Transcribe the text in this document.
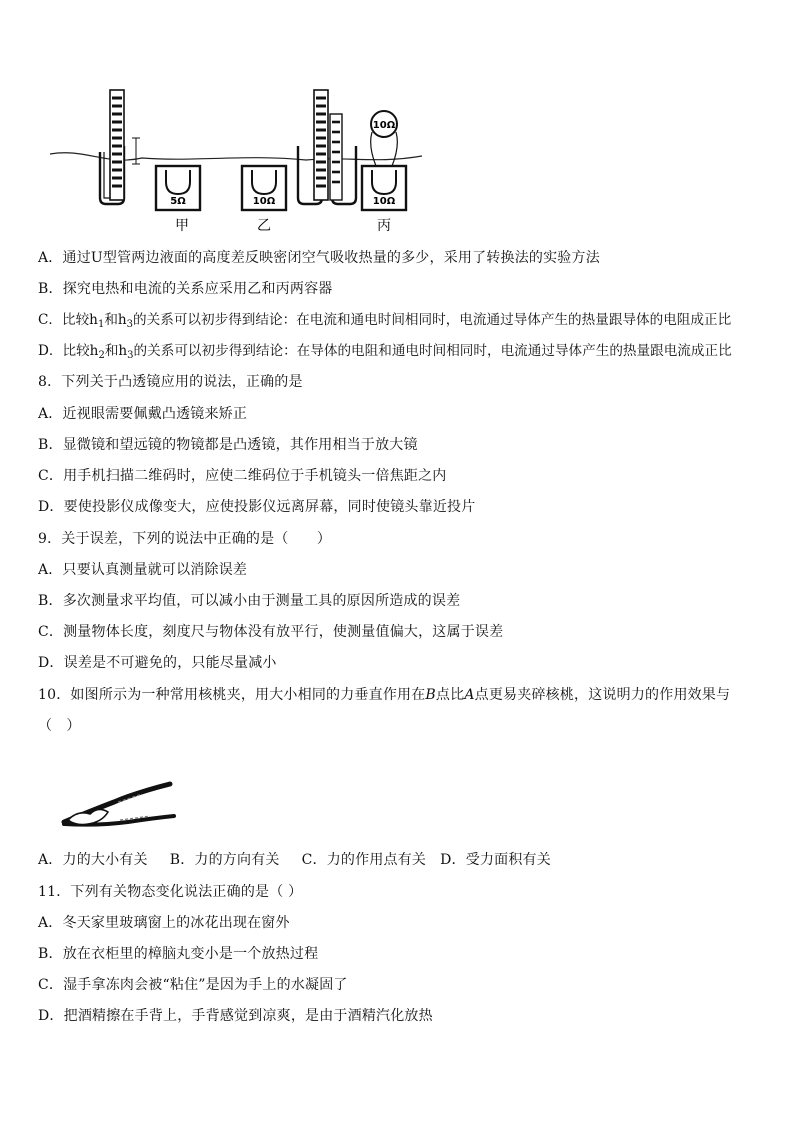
5Ω	10Ω	10Ω
10Ω
甲	乙	丙
A．通过U型管两边液面的高度差反映密闭空气吸收热量的多少，采用了转换法的实验方法
B．探究电热和电流的关系应采用乙和丙两容器
C．比较$h_1$和$h_3$的关系可以初步得到结论：在电流和通电时间相同时，电流通过导体产生的热量跟导体的电阻成正比
D．比较$h_2$和$h_3$的关系可以初步得到结论：在导体的电阻和通电时间相同时，电流通过导体产生的热量跟电流成正比
8．下列关于凸透镜应用的说法，正确的是
A．近视眼需要佩戴凸透镜来矫正
B．显微镜和望远镜的物镜都是凸透镜，其作用相当于放大镜
C．用手机扫描二维码时，应使二维码位于手机镜头一倍焦距之内
D．要使投影仪成像变大，应使投影仪远离屏幕，同时使镜头靠近投片
9．关于误差，下列的说法中正确的是（　　）
A．只要认真测量就可以消除误差
B．多次测量求平均值，可以减小由于测量工具的原因所造成的误差
C．测量物体长度，刻度尺与物体没有放平行，使测量值偏大，这属于误差
D．误差是不可避免的，只能尽量减小
10．如图所示为一种常用核桃夹，用大小相同的力垂直作用在B点比A点更易夹碎核桃，这说明力的作用效果与
（　）
A．力的大小有关 B．力的方向有关 C．力的作用点有关 D．受力面积有关
11．下列有关物态变化说法正确的是（ ）
A．冬天家里玻璃窗上的冰花出现在窗外
B．放在衣柜里的樟脑丸变小是一个放热过程
C．湿手拿冻肉会被“粘住”是因为手上的水凝固了
D．把酒精擦在手背上，手背感觉到凉爽，是由于酒精汽化放热
